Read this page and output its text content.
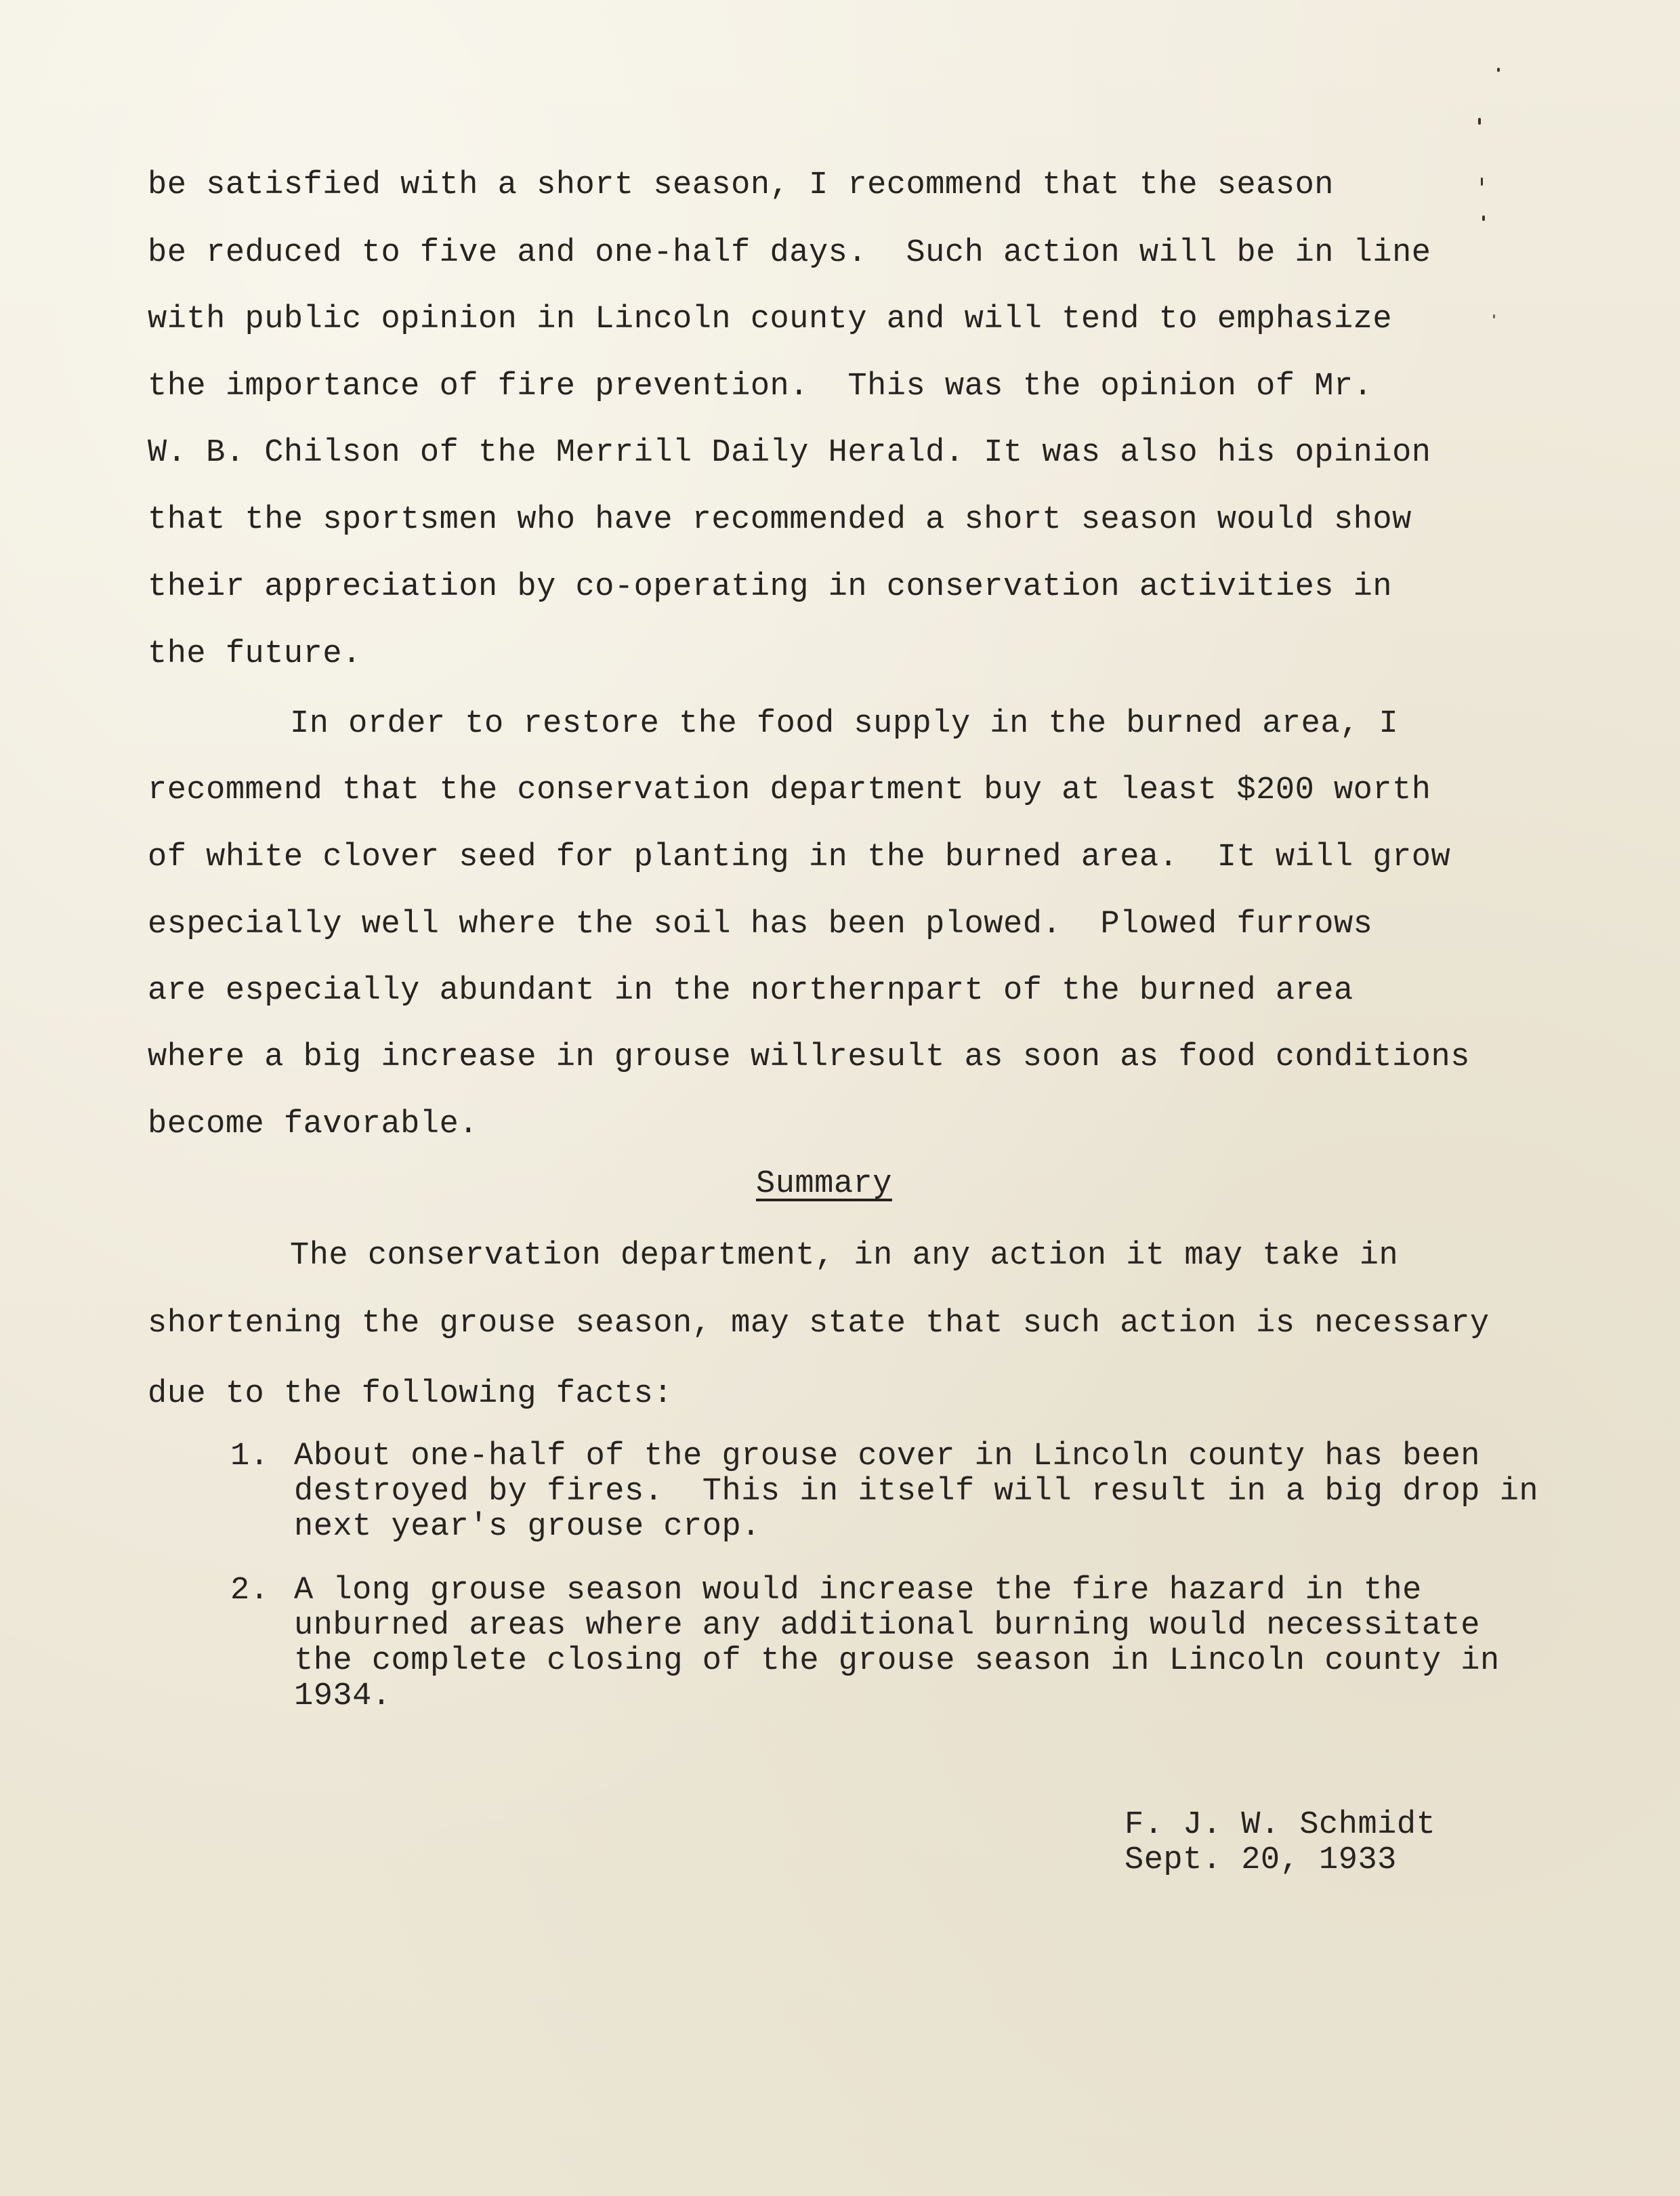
be satisfied with a short season, I recommend that the season
be reduced to five and one-half days.  Such action will be in line
with public opinion in Lincoln county and will tend to emphasize
the importance of fire prevention.  This was the opinion of Mr.
W. B. Chilson of the Merrill Daily Herald. It was also his opinion
that the sportsmen who have recommended a short season would show
their appreciation by co-operating in conservation activities in
the future.
In order to restore the food supply in the burned area, I
recommend that the conservation department buy at least $200 worth
of white clover seed for planting in the burned area.  It will grow
especially well where the soil has been plowed.  Plowed furrows
are especially abundant in the northernpart of the burned area
where a big increase in grouse willresult as soon as food conditions
become favorable.
Summary
The conservation department, in any action it may take in
shortening the grouse season, may state that such action is necessary
due to the following facts:
1. About one-half of the grouse cover in Lincoln county has been
destroyed by fires.  This in itself will result in a big drop in
next year's grouse crop.
2. A long grouse season would increase the fire hazard in the
unburned areas where any additional burning would necessitate
the complete closing of the grouse season in Lincoln county in
1934.
F. J. W. Schmidt
Sept. 20, 1933
